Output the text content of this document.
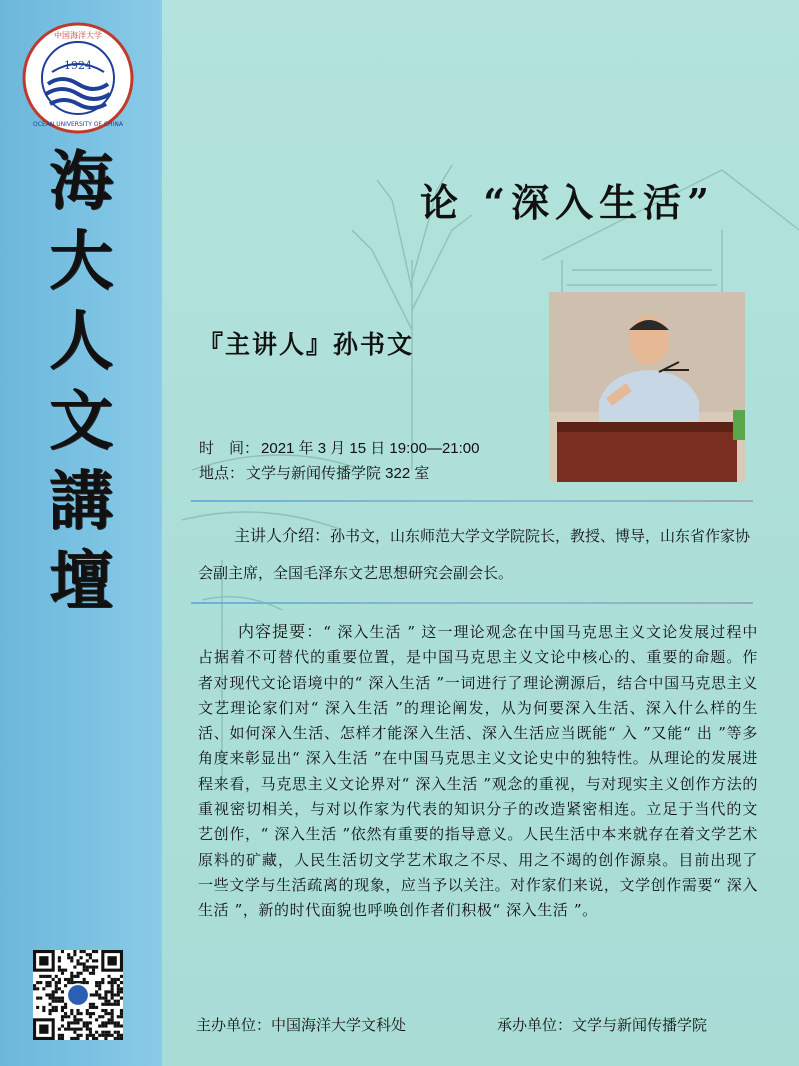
1924
中国海洋大学
OCEAN UNIVERSITY OF CHINA
海
大
人
文
講
壇
论 “深入生活”
『主讲人』孙书文
时　间： 2021 年 3 月 15 日 19:00—21:00
地点： 文学与新闻传播学院 322 室
主讲人介绍：孙书文，山东师范大学文学院院长，教授、博导，山东省作家协会副主席，全国毛泽东文艺思想研究会副会长。
内容提要：“ 深入生活 ” 这一理论观念在中国马克思主义文论发展过程中占据着不可替代的重要位置，是中国马克思主义文论中核心的、重要的命题。作者对现代文论语境中的“ 深入生活 ”一词进行了理论溯源后，结合中国马克思主义文艺理论家们对“ 深入生活 ”的理论阐发，从为何要深入生活、深入什么样的生活、如何深入生活、怎样才能深入生活、深入生活应当既能“ 入 ”又能“ 出 ”等多角度来彰显出“ 深入生活 ”在中国马克思主义文论史中的独特性。从理论的发展进程来看，马克思主义文论界对“ 深入生活 ”观念的重视，与对现实主义创作方法的重视密切相关，与对以作家为代表的知识分子的改造紧密相连。立足于当代的文艺创作，“ 深入生活 ”依然有重要的指导意义。人民生活中本来就存在着文学艺术原料的矿藏，人民生活切文学艺术取之不尽、用之不竭的创作源泉。目前出现了一些文学与生活疏离的现象，应当予以关注。对作家们来说，文学创作需要“ 深入生活 ”，新的时代面貌也呼唤创作者们积极“ 深入生活 ”。
主办单位：中国海洋大学文科处	承办单位：文学与新闻传播学院
